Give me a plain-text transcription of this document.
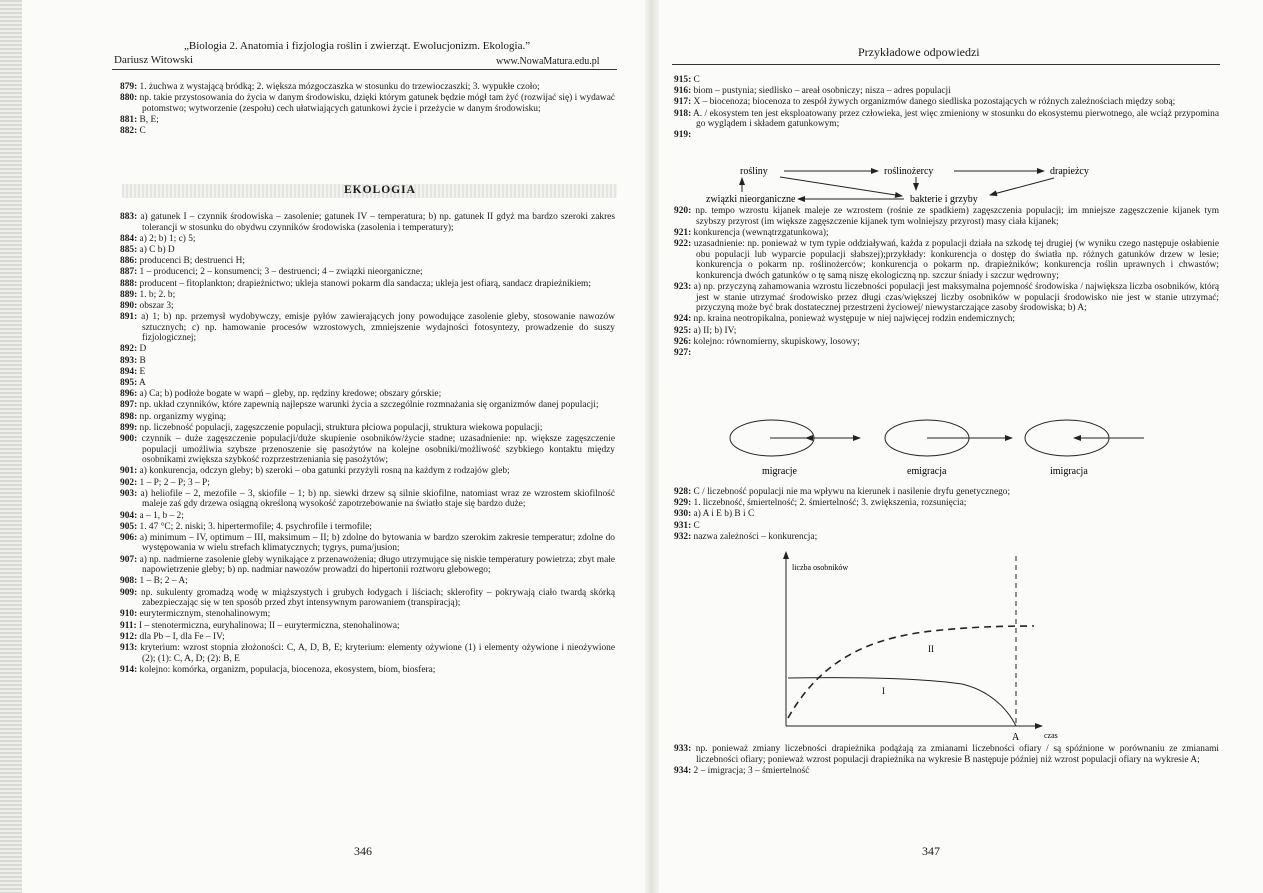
„Biologia 2. Anatomia i fizjologia roślin i zwierząt. Ewolucjonizm. Ekologia.”
Dariusz Witowski	www.NowaMatura.edu.pl
879: 1. żuchwa z wystającą bródką; 2. większa mózgoczaszka w stosunku do trzewioczaszki; 3. wypukłe czoło;
880: np. takie przystosowania do życia w danym środowisku, dzięki którym gatunek będzie mógł tam żyć (rozwijać się) i wydawać potomstwo; wytworzenie (zespołu) cech ułatwiających gatunkowi życie i przeżycie w danym środowisku;
881: B, E;
882: C
EKOLOGIA
883: a) gatunek I – czynnik środowiska – zasolenie; gatunek IV – temperatura; b) np. gatunek II gdyż ma bardzo szeroki zakres tolerancji w stosunku do obydwu czynników środowiska (zasolenia i temperatury);
884: a) 2; b) 1; c) 5;
885: a) C b) D
886: producenci B; destruenci H;
887: 1 – producenci; 2 – konsumenci; 3 – destruenci; 4 – związki nieorganiczne;
888: producent – fitoplankton; drapieżnictwo; ukleja stanowi pokarm dla sandacza; ukleja jest ofiarą, sandacz drapieżnikiem;
889: 1. b; 2. b;
890: obszar 3;
891: a) 1; b) np. przemysł wydobywczy, emisje pyłów zawierających jony powodujące zasolenie gleby, stosowanie nawozów sztucznych; c) np. hamowanie procesów wzrostowych, zmniejszenie wydajności fotosyntezy, prowadzenie do suszy fizjologicznej;
892: D
893: B
894: E
895: A
896: a) Ca; b) podłoże bogate w wapń – gleby, np. rędziny kredowe; obszary górskie;
897: np. układ czynników, które zapewnią najlepsze warunki życia a szczególnie rozmnażania się organizmów danej populacji;
898: np. organizmy wyginą;
899: np. liczebność populacji, zagęszczenie populacji, struktura płciowa populacji, struktura wiekowa populacji;
900: czynnik – duże zagęszczenie populacji/duże skupienie osobników/życie stadne; uzasadnienie: np. większe zagęszczenie populacji umożliwia szybsze przenoszenie się pasożytów na kolejne osobniki/możliwość szybkiego kontaktu między osobnikami zwiększa szybkość rozprzestrzeniania się pasożytów;
901: a) konkurencja, odczyn gleby; b) szeroki – oba gatunki przyżyli rosną na każdym z rodzajów gleb;
902: 1 – P; 2 – P; 3 – P;
903: a) heliofile – 2, mezofile – 3, skiofile – 1; b) np. siewki drzew są silnie skiofilne, natomiast wraz ze wzrostem skiofilność maleje zaś gdy drzewa osiągną określoną wysokość zapotrzebowanie na światło staje się bardzo duże;
904: a – 1, b – 2;
905: 1. 47 °C; 2. niski; 3. hipertermofile; 4. psychrofile i termofile;
906: a) minimum – IV, optimum – III, maksimum – II; b) zdolne do bytowania w bardzo szerokim zakresie temperatur; zdolne do występowania w wielu strefach klimatycznych; tygrys, puma/jusion;
907: a) np. nadmierne zasolenie gleby wynikające z przenawożenia; długo utrzymujące się niskie temperatury powietrza; zbyt małe napowietrzenie gleby; b) np. nadmiar nawozów prowadzi do hipertonii roztworu glebowego;
908: 1 – B; 2 – A;
909: np. sukulenty gromadzą wodę w miąższystych i grubych łodygach i liściach; sklerofity – pokrywają ciało twardą skórką zabezpieczając się w ten sposób przed zbyt intensywnym parowaniem (transpiracją);
910: eurytermicznym, stenohalinowym;
911: I – stenotermiczna, euryhalinowa; II – eurytermiczna, stenohalinowa;
912: dla Pb – I, dla Fe – IV;
913: kryterium: wzrost stopnia złożoności: C, A, D, B, E; kryterium: elementy ożywione (1) i elementy ożywione i nieożywione (2); (1): C, A, D; (2): B, E
914: kolejno: komórka, organizm, populacja, biocenoza, ekosystem, biom, biosfera;
346
Przykładowe odpowiedzi
915: C
916: biom – pustynia; siedlisko – areał osobniczy; nisza – adres populacji
917: X – biocenoza; biocenoza to zespół żywych organizmów danego siedliska pozostających w różnych zależnościach między sobą;
918: A. / ekosystem ten jest eksploatowany przez człowieka, jest więc zmieniony w stosunku do ekosystemu pierwotnego, ale wciąż przypomina go wyglądem i składem gatunkowym;
919:
rośliny	roślinożercy	drapieżcy
związki nieorganiczne	bakterie i grzyby
920: np. tempo wzrostu kijanek maleje ze wzrostem (rośnie ze spadkiem) zagęszczenia populacji; im mniejsze zagęszczenie kijanek tym szybszy przyrost (im większe zagęszczenie kijanek tym wolniejszy przyrost) masy ciała kijanek;
921: konkurencja (wewnątrzgatunkowa);
922: uzasadnienie: np. ponieważ w tym typie oddziaływań, każda z populacji działa na szkodę tej drugiej (w wyniku czego następuje osłabienie obu populacji lub wyparcie populacji słabszej);przykłady: konkurencja o dostęp do światła np. różnych gatunków drzew w lesie; konkurencja o pokarm np. roślinożerców; konkurencja o pokarm np. drapieżników; konkurencja roślin uprawnych i chwastów; konkurencja dwóch gatunków o tę samą niszę ekologiczną np. szczur śniady i szczur wędrowny;
923: a) np. przyczyną zahamowania wzrostu liczebności populacji jest maksymalna pojemność środowiska / największa liczba osobników, którą jest w stanie utrzymać środowisko przez długi czas/większej liczby osobników w populacji środowisko nie jest w stanie utrzymać; przyczyną może być brak dostatecznej przestrzeni życiowej/ niewystarczające zasoby środowiska; b) A;
924: np. kraina neotropikalna, ponieważ występuje w niej najwięcej rodzin endemicznych;
925: a) II; b) IV;
926: kolejno: równomierny, skupiskowy, losowy;
927:
migracje	emigracja	imigracja
928: C / liczebność populacji nie ma wpływu na kierunek i nasilenie dryfu genetycznego;
929: 1. liczebność, śmiertelność; 2. śmiertelność; 3. zwiększenia, rozsunięcia;
930: a) A i E b) B i C
931: C
932: nazwa zależności – konkurencja;
liczba osobników
czas
A
II
I
933: np. ponieważ zmiany liczebności drapieżnika podążają za zmianami liczebności ofiary / są spóźnione w porównaniu ze zmianami liczebności ofiary; ponieważ wzrost populacji drapieżnika na wykresie B następuje później niż wzrost populacji ofiary na wykresie A;
934: 2 – imigracja; 3 – śmiertelność
347
